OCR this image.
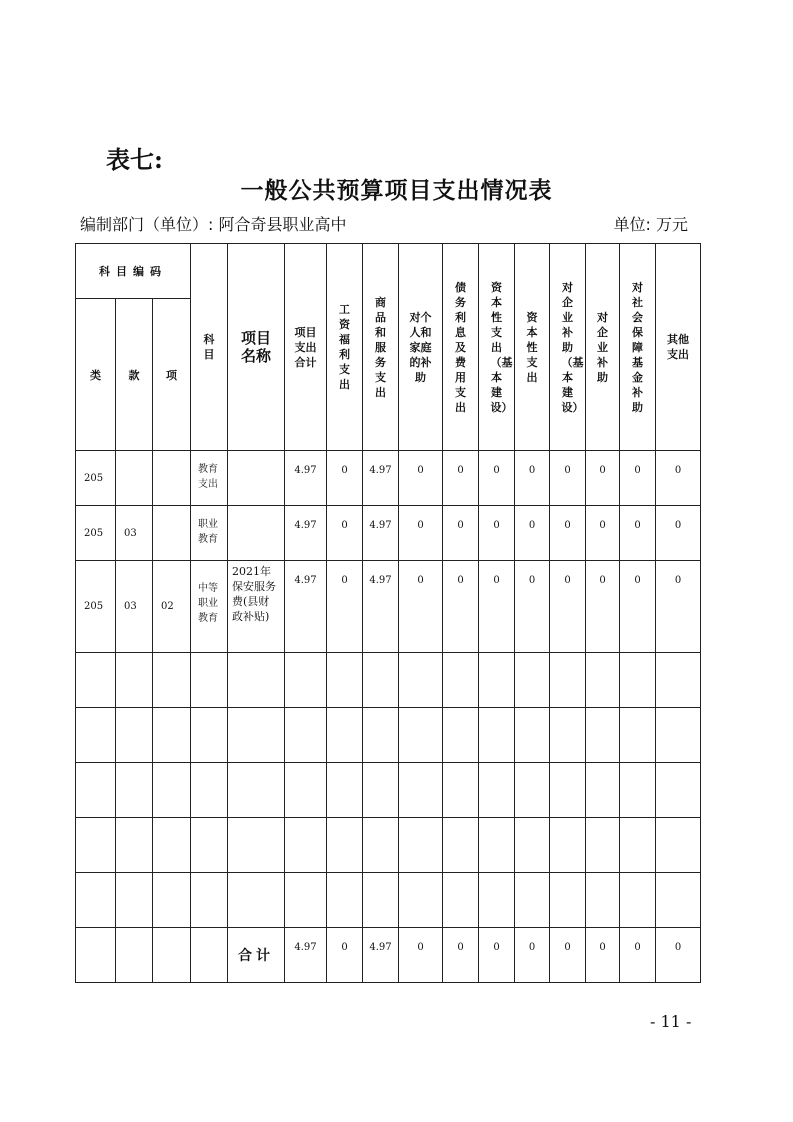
表七:
一般公共预算项目支出情况表
编制部门（单位）: 阿合奇县职业高中	单位: 万元
科目编码			科目	项目名称	项目支出合计	工资福利支出	商品和服务支出	对个人和家庭的补助	债务利息及费用支出	资本性支出（基本建设）	资本性支出	对企业补助（基本建设）	对企业补助	对社会保障基金补助	其他支出
类	款	项													
205			教育支出		4.97	0	4.97	0	0	0	0	0	0	0	0
205	03		职业教育		4.97	0	4.97	0	0	0	0	0	0	0	0
205	03	02	中等职业教育	2021年保安服务费(县财政补贴)	4.97	0	4.97	0	0	0	0	0	0	0	0

				合计	4.97	0	4.97	0	0	0	0	0	0	0	0
- 11 -
